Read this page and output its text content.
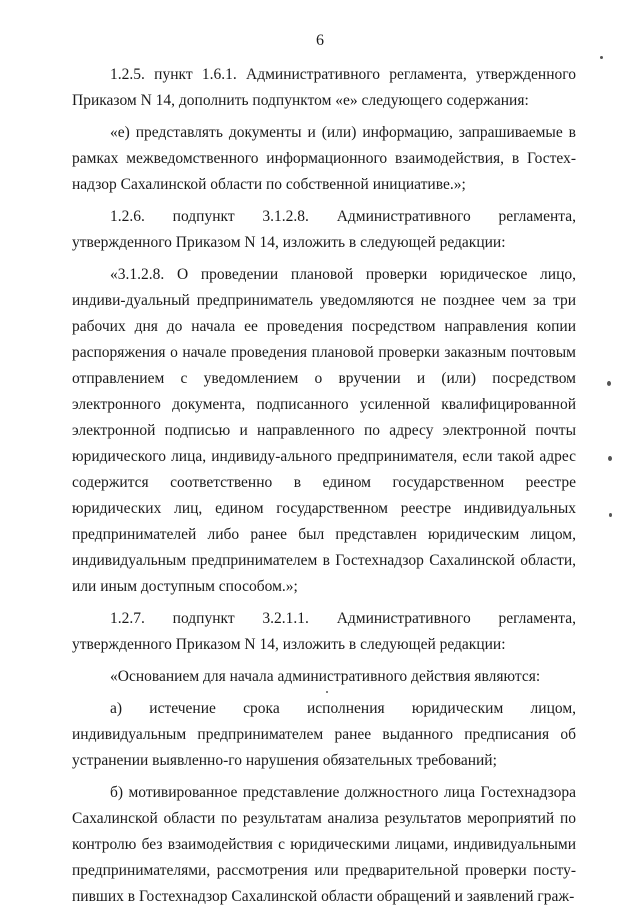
6

1.2.5. пункт 1.6.1. Административного регламента, утвержденного Приказом N 14, дополнить подпунктом «е» следующего содержания:

«е) представлять документы и (или) информацию, запрашиваемые в рамках межведомственного информационного взаимодействия, в Гостех-надзор Сахалинской области по собственной инициативе.»;

1.2.6. подпункт 3.1.2.8. Административного регламента, утвержденного Приказом N 14, изложить в следующей редакции:

«3.1.2.8. О проведении плановой проверки юридическое лицо, индиви-дуальный предприниматель уведомляются не позднее чем за три рабочих дня до начала ее проведения посредством направления копии распоряжения о начале проведения плановой проверки заказным почтовым отправлением с уведомлением о вручении и (или) посредством электронного документа, подписанного усиленной квалифицированной электронной подписью и направленного по адресу электронной почты юридического лица, индивиду-ального предпринимателя, если такой адрес содержится соответственно в едином государственном реестре юридических лиц, едином государственном реестре индивидуальных предпринимателей либо ранее был представлен юридическим лицом, индивидуальным предпринимателем в Гостехнадзор Сахалинской области, или иным доступным способом.»;

1.2.7. подпункт 3.2.1.1. Административного регламента, утвержденного Приказом N 14, изложить в следующей редакции:

«Основанием для начала административного действия являются:

а) истечение срока исполнения юридическим лицом, индивидуальным предпринимателем ранее выданного предписания об устранении выявленно-го нарушения обязательных требований;

б) мотивированное представление должностного лица Гостехнадзора Сахалинской области по результатам анализа результатов мероприятий по контролю без взаимодействия с юридическими лицами, индивидуальными предпринимателями, рассмотрения или предварительной проверки посту-пивших в Гостехнадзор Сахалинской области обращений и заявлений граж-
